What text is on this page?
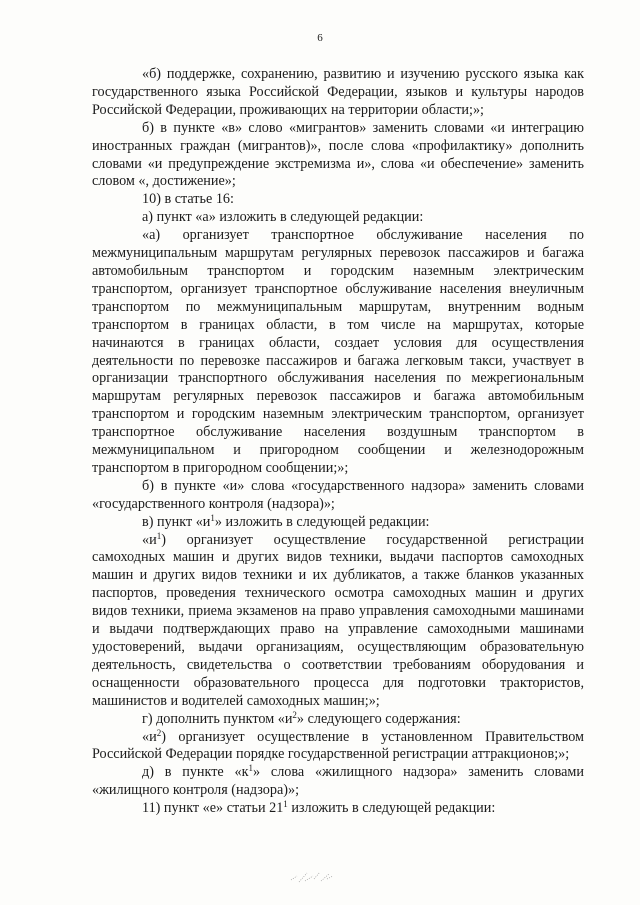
6

«б) поддержке, сохранению, развитию и изучению русского языка как государственного языка Российской Федерации, языков и культуры народов Российской Федерации, проживающих на территории области;»;

б) в пункте «в» слово «мигрантов» заменить словами «и интеграцию иностранных граждан (мигрантов)», после слова «профилактику» дополнить словами «и предупреждение экстремизма и», слова «и обеспечение» заменить словом «, достижение»;

10) в статье 16:

а) пункт «а» изложить в следующей редакции:

«а) организует транспортное обслуживание населения по межмуниципальным маршрутам регулярных перевозок пассажиров и багажа автомобильным транспортом и городским наземным электрическим транспортом, организует транспортное обслуживание населения внеуличным транспортом по межмуниципальным маршрутам, внутренним водным транспортом в границах области, в том числе на маршрутах, которые начинаются в границах области, создает условия для осуществления деятельности по перевозке пассажиров и багажа легковым такси, участвует в организации транспортного обслуживания населения по межрегиональным маршрутам регулярных перевозок пассажиров и багажа автомобильным транспортом и городским наземным электрическим транспортом, организует транспортное обслуживание населения воздушным транспортом в межмуниципальном и пригородном сообщении и железнодорожным транспортом в пригородном сообщении;»;

б) в пункте «и» слова «государственного надзора» заменить словами «государственного контроля (надзора)»;

в) пункт «$и^1$» изложить в следующей редакции:

«$и^1$) организует осуществление государственной регистрации самоходных машин и других видов техники, выдачи паспортов самоходных машин и других видов техники и их дубликатов, а также бланков указанных паспортов, проведения технического осмотра самоходных машин и других видов техники, приема экзаменов на право управления самоходными машинами и выдачи подтверждающих право на управление самоходными машинами удостоверений, выдачи организациям, осуществляющим образовательную деятельность, свидетельства о соответствии требованиям оборудования и оснащенности образовательного процесса для подготовки трактористов, машинистов и водителей самоходных машин;»;

г) дополнить пунктом «$и^2$» следующего содержания:

«$и^2$) организует осуществление в установленном Правительством Российской Федерации порядке государственной регистрации аттракционов;»;

д) в пункте «$к^1$» слова «жилищного надзора» заменить словами «жилищного контроля (надзора)»;

11) пункт «е» статьи $21^1$ изложить в следующей редакции:
